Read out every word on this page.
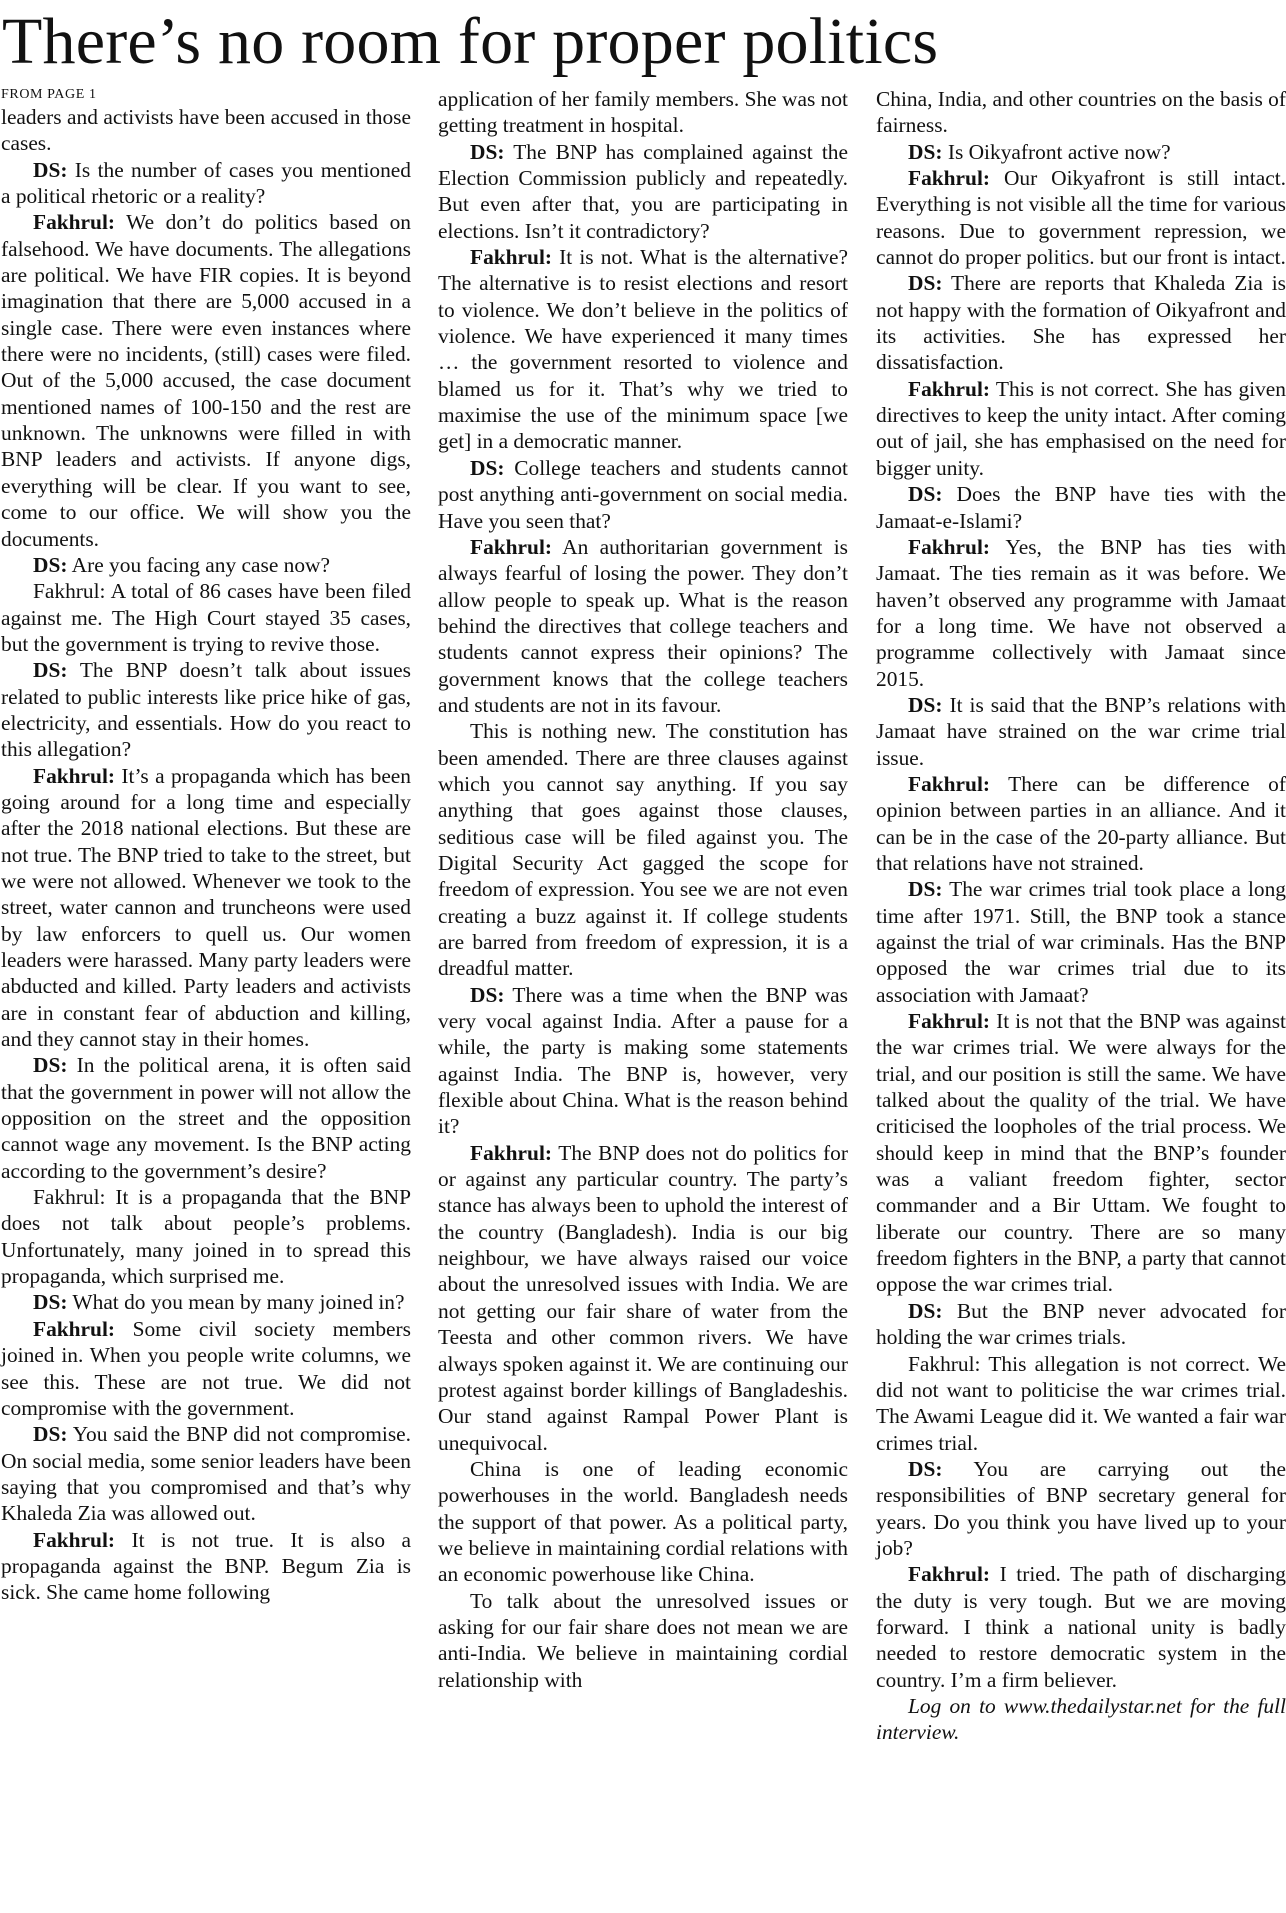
There’s no room for proper politics
FROM PAGE 1

leaders and activists have been accused in those cases.

DS: Is the number of cases you mentioned a political rhetoric or a reality?

Fakhrul: We don’t do politics based on falsehood. We have documents. The allegations are political. We have FIR copies. It is beyond imagination that there are 5,000 accused in a single case. There were even instances where there were no incidents, (still) cases were filed. Out of the 5,000 accused, the case document mentioned names of 100-150 and the rest are unknown. The unknowns were filled in with BNP leaders and activists. If anyone digs, everything will be clear. If you want to see, come to our office. We will show you the documents.

DS: Are you facing any case now?

Fakhrul: A total of 86 cases have been filed against me. The High Court stayed 35 cases, but the government is trying to revive those.

DS: The BNP doesn’t talk about issues related to public interests like price hike of gas, electricity, and essentials. How do you react to this allegation?

Fakhrul: It’s a propaganda which has been going around for a long time and especially after the 2018 national elections. But these are not true. The BNP tried to take to the street, but we were not allowed. Whenever we took to the street, water cannon and truncheons were used by law enforcers to quell us. Our women leaders were harassed. Many party leaders were abducted and killed. Party leaders and activists are in constant fear of abduction and killing, and they cannot stay in their homes.

DS: In the political arena, it is often said that the government in power will not allow the opposition on the street and the opposition cannot wage any movement. Is the BNP acting according to the government’s desire?

Fakhrul: It is a propaganda that the BNP does not talk about people’s problems. Unfortunately, many joined in to spread this propaganda, which surprised me.

DS: What do you mean by many joined in?

Fakhrul: Some civil society members joined in. When you people write columns, we see this. These are not true. We did not compromise with the government.

DS: You said the BNP did not compromise. On social media, some senior leaders have been saying that you compromised and that’s why Khaleda Zia was allowed out.

Fakhrul: It is not true. It is also a propaganda against the BNP. Begum Zia is sick. She came home following

application of her family members. She was not getting treatment in hospital.

DS: The BNP has complained against the Election Commission publicly and repeatedly. But even after that, you are participating in elections. Isn’t it contradictory?

Fakhrul: It is not. What is the alternative? The alternative is to resist elections and resort to violence. We don’t believe in the politics of violence. We have experienced it many times … the government resorted to violence and blamed us for it. That’s why we tried to maximise the use of the minimum space [we get] in a democratic manner.

DS: College teachers and students cannot post anything anti-government on social media. Have you seen that?

Fakhrul: An authoritarian government is always fearful of losing the power. They don’t allow people to speak up. What is the reason behind the directives that college teachers and students cannot express their opinions? The government knows that the college teachers and students are not in its favour.

This is nothing new. The constitution has been amended. There are three clauses against which you cannot say anything. If you say anything that goes against those clauses, seditious case will be filed against you. The Digital Security Act gagged the scope for freedom of expression. You see we are not even creating a buzz against it. If college students are barred from freedom of expression, it is a dreadful matter.

DS: There was a time when the BNP was very vocal against India. After a pause for a while, the party is making some statements against India. The BNP is, however, very flexible about China. What is the reason behind it?

Fakhrul: The BNP does not do politics for or against any particular country. The party’s stance has always been to uphold the interest of the country (Bangladesh). India is our big neighbour, we have always raised our voice about the unresolved issues with India. We are not getting our fair share of water from the Teesta and other common rivers. We have always spoken against it. We are continuing our protest against border killings of Bangladeshis. Our stand against Rampal Power Plant is unequivocal.

China is one of leading economic powerhouses in the world. Bangladesh needs the support of that power. As a political party, we believe in maintaining cordial relations with an economic powerhouse like China.

To talk about the unresolved issues or asking for our fair share does not mean we are anti-India. We believe in maintaining cordial relationship with

China, India, and other countries on the basis of fairness.

DS: Is Oikyafront active now?

Fakhrul: Our Oikyafront is still intact. Everything is not visible all the time for various reasons. Due to government repression, we cannot do proper politics. but our front is intact.

DS: There are reports that Khaleda Zia is not happy with the formation of Oikyafront and its activities. She has expressed her dissatisfaction.

Fakhrul: This is not correct. She has given directives to keep the unity intact. After coming out of jail, she has emphasised on the need for bigger unity.

DS: Does the BNP have ties with the Jamaat-e-Islami?

Fakhrul: Yes, the BNP has ties with Jamaat. The ties remain as it was before. We haven’t observed any programme with Jamaat for a long time. We have not observed a programme collectively with Jamaat since 2015.

DS: It is said that the BNP’s relations with Jamaat have strained on the war crime trial issue.

Fakhrul: There can be difference of opinion between parties in an alliance. And it can be in the case of the 20-party alliance. But that relations have not strained.

DS: The war crimes trial took place a long time after 1971. Still, the BNP took a stance against the trial of war criminals. Has the BNP opposed the war crimes trial due to its association with Jamaat?

Fakhrul: It is not that the BNP was against the war crimes trial. We were always for the trial, and our position is still the same. We have talked about the quality of the trial. We have criticised the loopholes of the trial process. We should keep in mind that the BNP’s founder was a valiant freedom fighter, sector commander and a Bir Uttam. We fought to liberate our country. There are so many freedom fighters in the BNP, a party that cannot oppose the war crimes trial.

DS: But the BNP never advocated for holding the war crimes trials.

Fakhrul: This allegation is not correct. We did not want to politicise the war crimes trial. The Awami League did it. We wanted a fair war crimes trial.

DS: You are carrying out the responsibilities of BNP secretary general for years. Do you think you have lived up to your job?

Fakhrul: I tried. The path of discharging the duty is very tough. But we are moving forward. I think a national unity is badly needed to restore democratic system in the country. I’m a firm believer.

Log on to www.thedailystar.net for the full interview.
